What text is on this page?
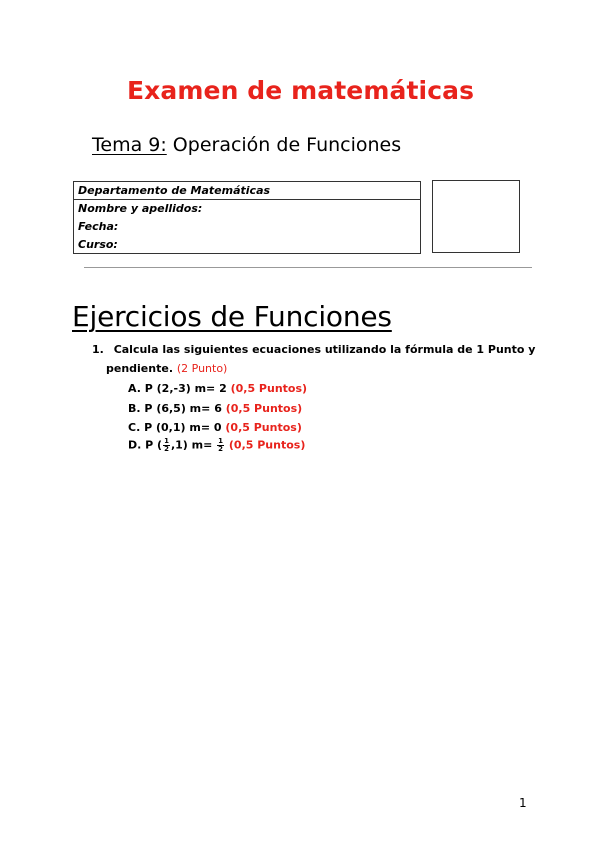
Examen de matemáticas
Tema 9: Operación de Funciones
Departamento de Matemáticas
Nombre y apellidos:
Fecha:
Curso:
Ejercicios de Funciones
1. Calcula las siguientes ecuaciones utilizando la fórmula de 1 Punto y
pendiente. (2 Punto)
A. P (2,-3) m= 2 (0,5 Puntos)
B. P (6,5) m= 6 (0,5 Puntos)
C. P (0,1) m= 0 (0,5 Puntos)
D. P ( $\frac{1}{2} ,1$) $m= \frac{1}{2} (0,5$ Puntos)
1
